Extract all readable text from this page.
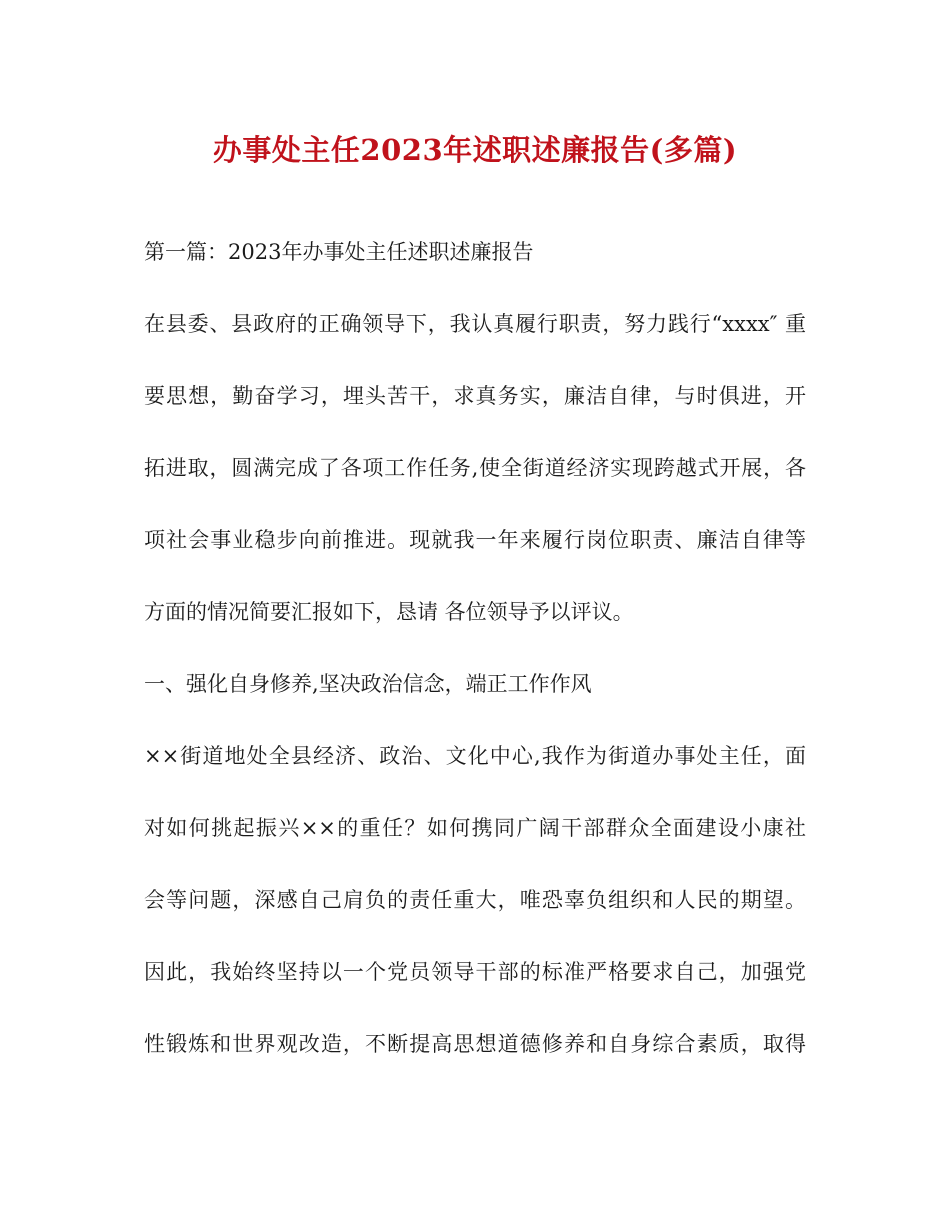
办事处主任2023年述职述廉报告(多篇)
第一篇：2023年办事处主任述职述廉报告
在县委、县政府的正确领导下，我认真履行职责，努力践行“xxxx″ 重
要思想，勤奋学习，埋头苦干，求真务实，廉洁自律，与时俱进，开
拓进取，圆满完成了各项工作任务,使全街道经济实现跨越式开展，各
项社会事业稳步向前推进。现就我一年来履行岗位职责、廉洁自律等
方面的情况简要汇报如下，恳请 各位领导予以评议。
一、强化自身修养,坚决政治信念，端正工作作风
××街道地处全县经济、政治、文化中心,我作为街道办事处主任，面
对如何挑起振兴××的重任？如何携同广阔干部群众全面建设小康社
会等问题，深感自己肩负的责任重大，唯恐辜负组织和人民的期望。
因此，我始终坚持以一个党员领导干部的标准严格要求自己，加强党
性锻炼和世界观改造，不断提高思想道德修养和自身综合素质，取得
